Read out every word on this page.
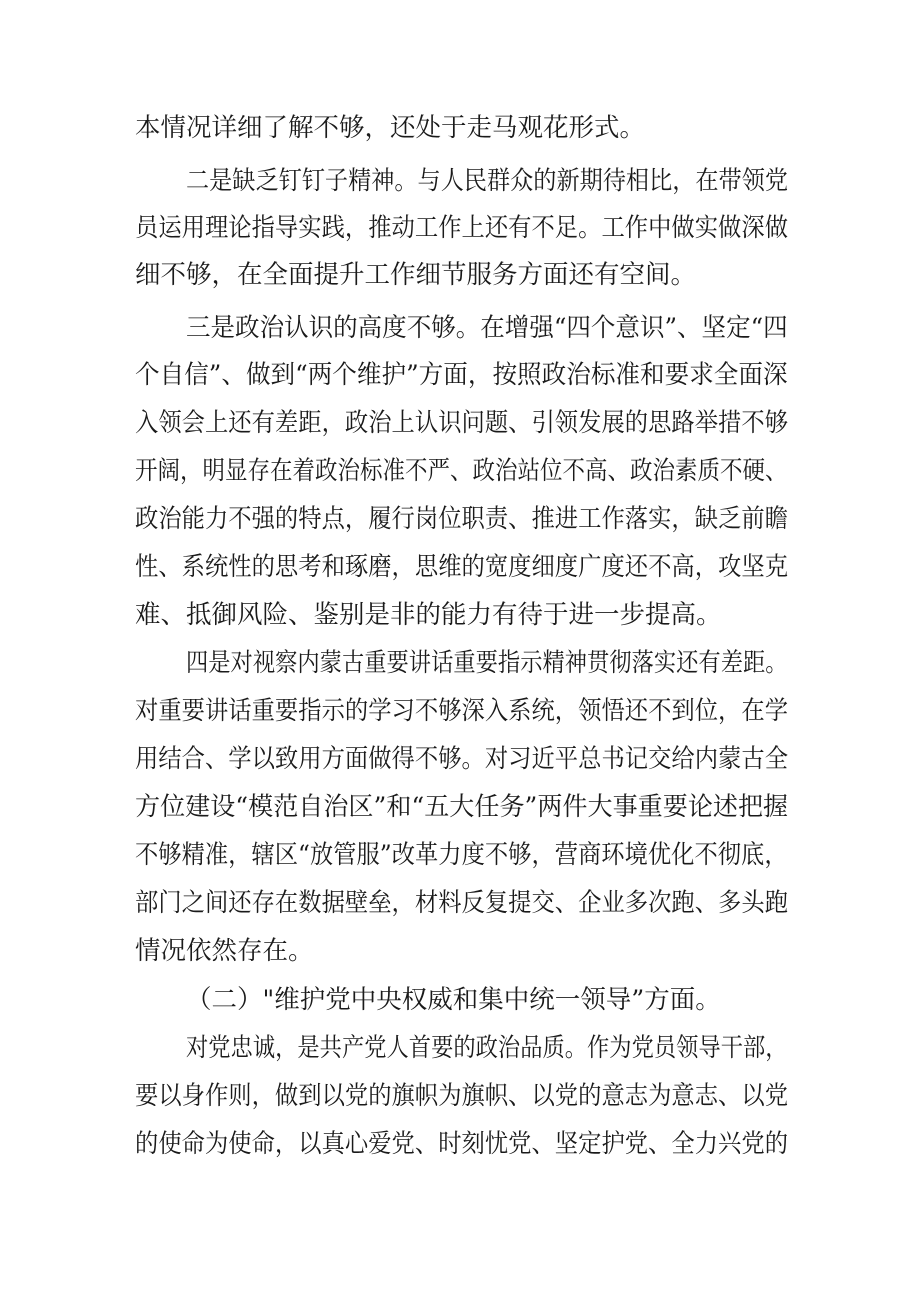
本情况详细了解不够，还处于走马观花形式。
二是缺乏钉钉子精神。与人民群众的新期待相比，在带领党
员运用理论指导实践，推动工作上还有不足。工作中做实做深做
细不够，在全面提升工作细节服务方面还有空间。
三是政治认识的高度不够。在增强“四个意识”、坚定“四
个自信”、做到“两个维护”方面，按照政治标准和要求全面深
入领会上还有差距，政治上认识问题、引领发展的思路举措不够
开阔，明显存在着政治标准不严、政治站位不高、政治素质不硬、
政治能力不强的特点，履行岗位职责、推进工作落实，缺乏前瞻
性、系统性的思考和琢磨，思维的宽度细度广度还不高，攻坚克
难、抵御风险、鉴别是非的能力有待于进一步提高。
四是对视察内蒙古重要讲话重要指示精神贯彻落实还有差距。
对重要讲话重要指示的学习不够深入系统，领悟还不到位，在学
用结合、学以致用方面做得不够。对习近平总书记交给内蒙古全
方位建设“模范自治区”和“五大任务”两件大事重要论述把握
不够精准，辖区“放管服”改革力度不够，营商环境优化不彻底，
部门之间还存在数据壁垒，材料反复提交、企业多次跑、多头跑
情况依然存在。
（二）"维护党中央权威和集中统一领导”方面。
对党忠诚，是共产党人首要的政治品质。作为党员领导干部，
要以身作则，做到以党的旗帜为旗帜、以党的意志为意志、以党
的使命为使命，以真心爱党、时刻忧党、坚定护党、全力兴党的
